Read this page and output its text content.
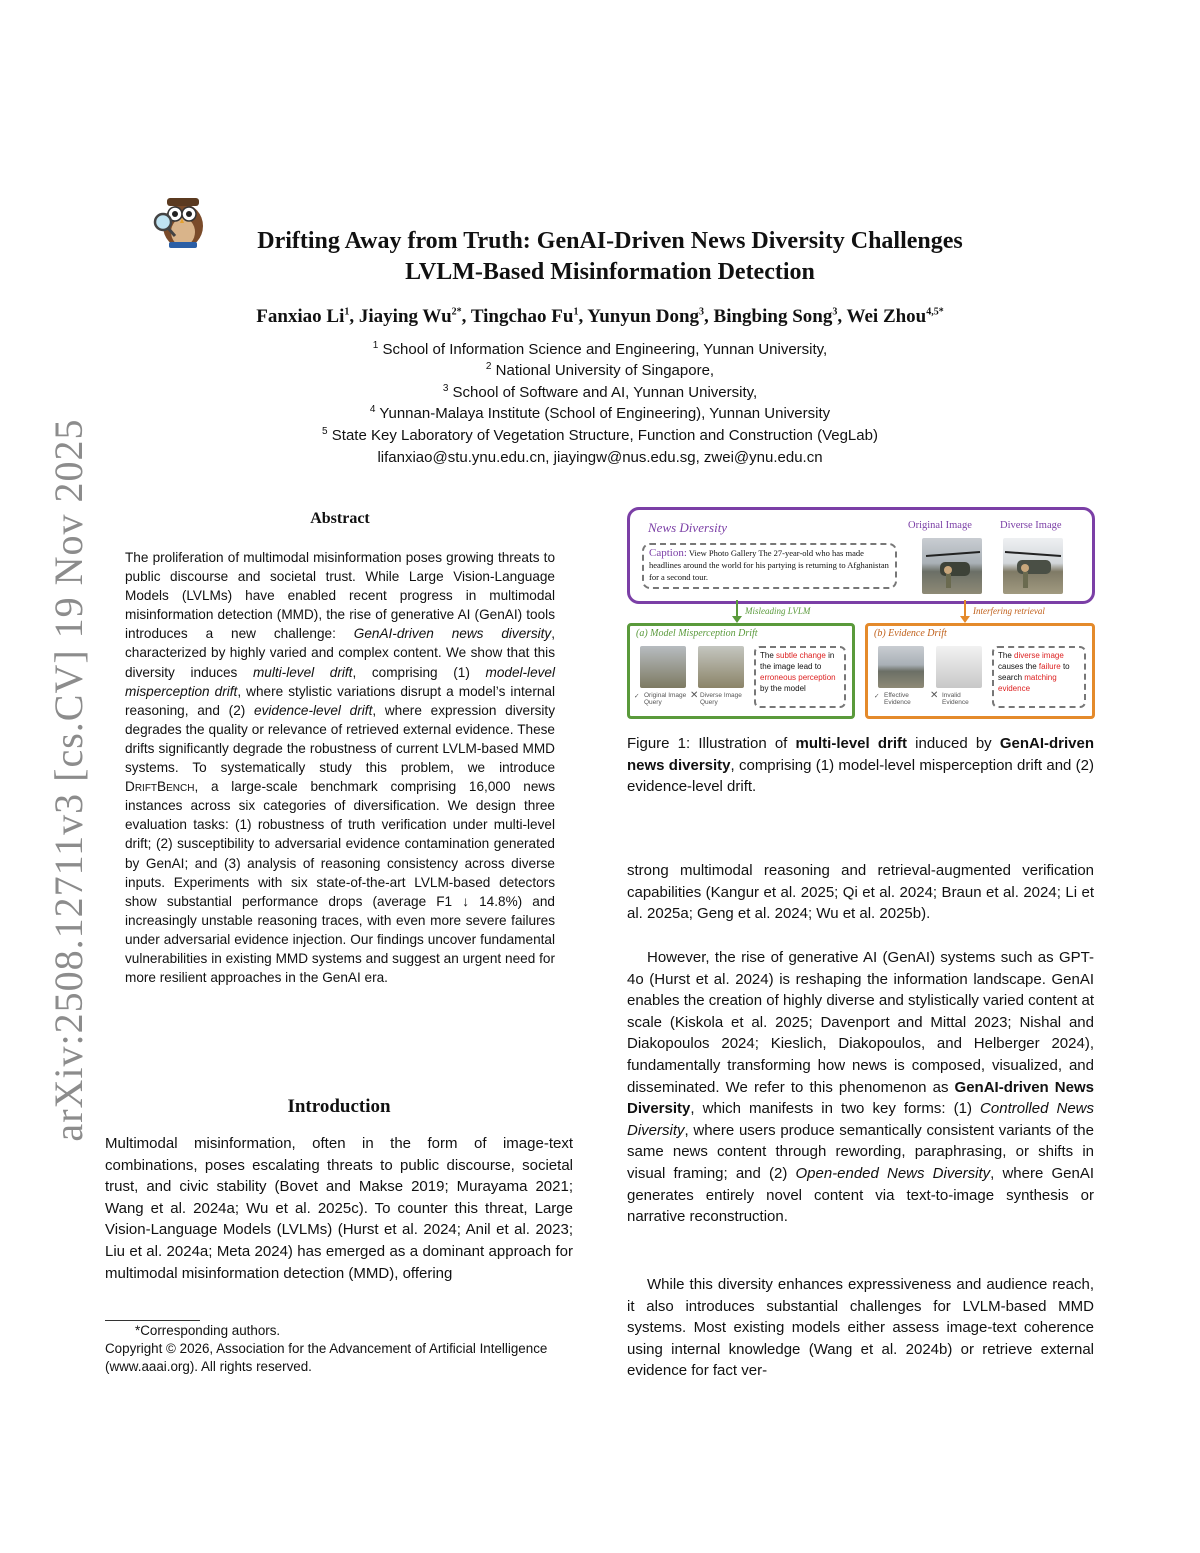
arXiv:2508.12711v3 [cs.CV] 19 Nov 2025
Drifting Away from Truth: GenAI-Driven News Diversity Challenges
LVLM-Based Misinformation Detection
Fanxiao Li$^1$, Jiaying $Wu^{2*}$, Tingchao Fu$^1$, Yunyun Dong$^3$, Bingbing Song$^3$, Wei Zhou$^{4,5*}$
$^1$ School of Information Science and Engineering, Yunnan University,
$^2$ National University of Singapore,
$^3$ School of Software and AI, Yunnan University,
$^4$ Yunnan-Malaya Institute (School of Engineering), Yunnan University
$^5$ State Key Laboratory of Vegetation Structure, Function and Construction (VegLab)
lifanxiao@stu.ynu.edu.cn, jiayingw@nus.edu.sg, zwei@ynu.edu.cn
Abstract
The proliferation of multimodal misinformation poses growing threats to public discourse and societal trust. While Large Vision-Language Models (LVLMs) have enabled recent progress in multimodal misinformation detection (MMD), the rise of generative AI (GenAI) tools introduces a new challenge: GenAI-driven news diversity, characterized by highly varied and complex content. We show that this diversity induces multi-level drift, comprising (1) model-level misperception drift, where stylistic variations disrupt a model’s internal reasoning, and (2) evidence-level drift, where expression diversity degrades the quality or relevance of retrieved external evidence. These drifts significantly degrade the robustness of current LVLM-based MMD systems. To systematically study this problem, we introduce DriftBench, a large-scale benchmark comprising 16,000 news instances across six categories of diversification. We design three evaluation tasks: (1) robustness of truth verification under multi-level drift; (2) susceptibility to adversarial evidence contamination generated by GenAI; and (3) analysis of reasoning consistency across diverse inputs. Experiments with six state-of-the-art LVLM-based detectors show substantial performance drops (average F1 ↓ 14.8%) and increasingly unstable reasoning traces, with even more severe failures under adversarial evidence injection. Our findings uncover fundamental vulnerabilities in existing MMD systems and suggest an urgent need for more resilient approaches in the GenAI era.
Introduction
Multimodal misinformation, often in the form of image-text combinations, poses escalating threats to public discourse, societal trust, and civic stability (Bovet and Makse 2019; Murayama 2021; Wang et al. 2024a; Wu et al. 2025c). To counter this threat, Large Vision-Language Models (LVLMs) (Hurst et al. 2024; Anil et al. 2023; Liu et al. 2024a; Meta 2024) has emerged as a dominant approach for multimodal misinformation detection (MMD), offering
*Corresponding authors.
Copyright © 2026, Association for the Advancement of Artificial Intelligence (www.aaai.org). All rights reserved.
News Diversity
Caption: View Photo Gallery The 27-year-old who has made headlines around the world for his partying is returning to Afghanistan for a second tour.
Original Image	Diverse Image
Misleading LVLM	Interfering retrieval
(a) Model Misperception Drift
✓ Original Image Query
✕ Diverse Image Query
The subtle change in the image lead to erroneous perception by the model
(b) Evidence Drift
✓ Effective Evidence
✕ Invalid Evidence
The diverse image causes the failure to search matching evidence
Figure 1: Illustration of multi-level drift induced by GenAI-driven news diversity, comprising (1) model-level misperception drift and (2) evidence-level drift.
strong multimodal reasoning and retrieval-augmented verification capabilities (Kangur et al. 2025; Qi et al. 2024; Braun et al. 2024; Li et al. 2025a; Geng et al. 2024; Wu et al. 2025b).
However, the rise of generative AI (GenAI) systems such as GPT-4o (Hurst et al. 2024) is reshaping the information landscape. GenAI enables the creation of highly diverse and stylistically varied content at scale (Kiskola et al. 2025; Davenport and Mittal 2023; Nishal and Diakopoulos 2024; Kieslich, Diakopoulos, and Helberger 2024), fundamentally transforming how news is composed, visualized, and disseminated. We refer to this phenomenon as GenAI-driven News Diversity, which manifests in two key forms: (1) Controlled News Diversity, where users produce semantically consistent variants of the same news content through rewording, paraphrasing, or shifts in visual framing; and (2) Open-ended News Diversity, where GenAI generates entirely novel content via text-to-image synthesis or narrative reconstruction.
While this diversity enhances expressiveness and audience reach, it also introduces substantial challenges for LVLM-based MMD systems. Most existing models either assess image-text coherence using internal knowledge (Wang et al. 2024b) or retrieve external evidence for fact ver-
